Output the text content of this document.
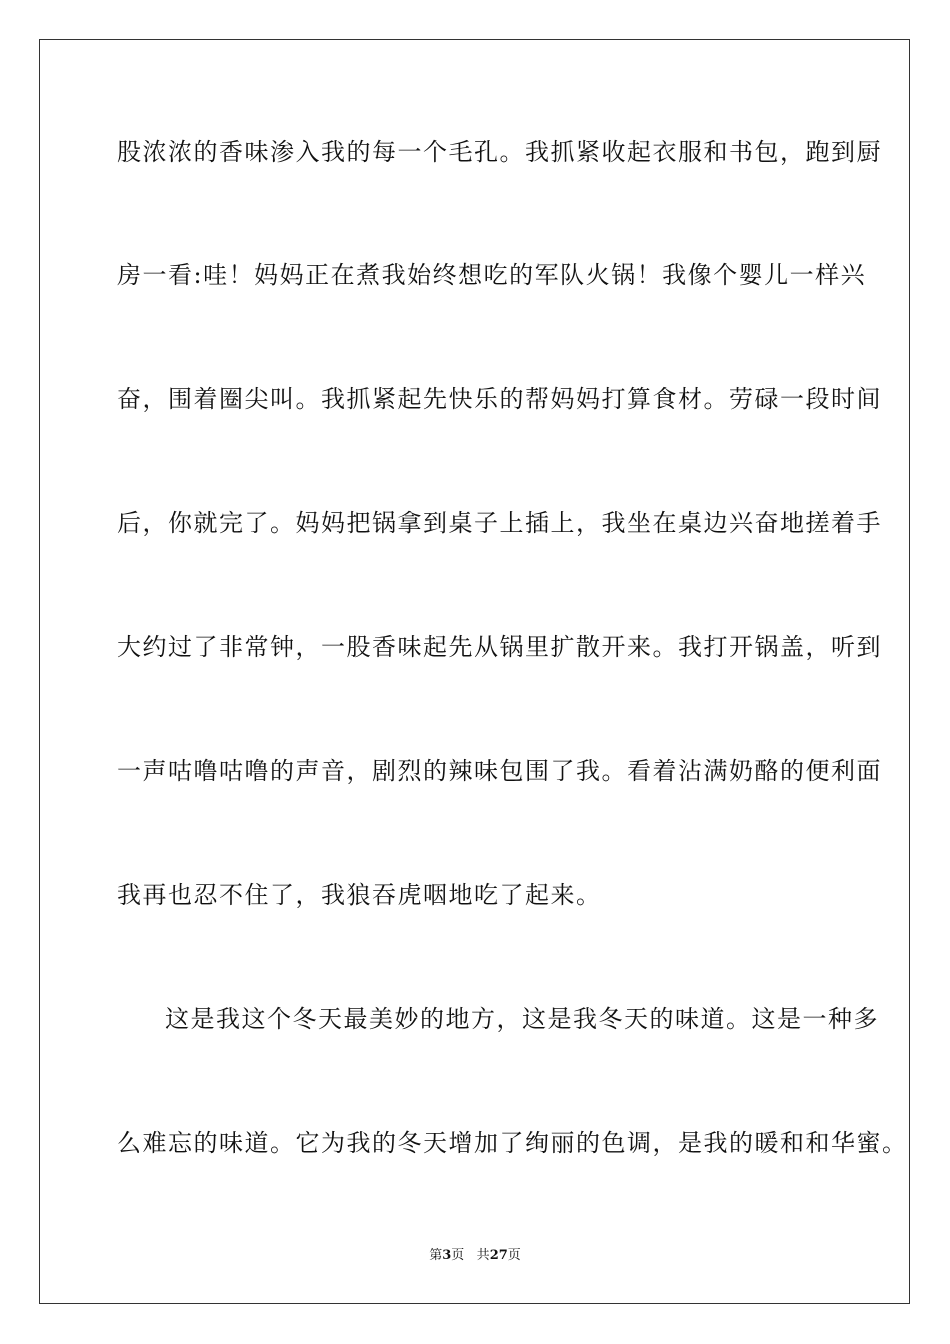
股浓浓的香味渗入我的每一个毛孔。我抓紧收起衣服和书包，跑到厨
房一看:哇！妈妈正在煮我始终想吃的军队火锅！我像个婴儿一样兴
奋，围着圈尖叫。我抓紧起先快乐的帮妈妈打算食材。劳碌一段时间
后，你就完了。妈妈把锅拿到桌子上插上，我坐在桌边兴奋地搓着手
大约过了非常钟，一股香味起先从锅里扩散开来。我打开锅盖，听到
一声咕噜咕噜的声音，剧烈的辣味包围了我。看着沾满奶酪的便利面
我再也忍不住了，我狼吞虎咽地吃了起来。
这是我这个冬天最美妙的地方，这是我冬天的味道。这是一种多
么难忘的味道。它为我的冬天增加了绚丽的色调，是我的暖和和华蜜。
第3页 共27页
